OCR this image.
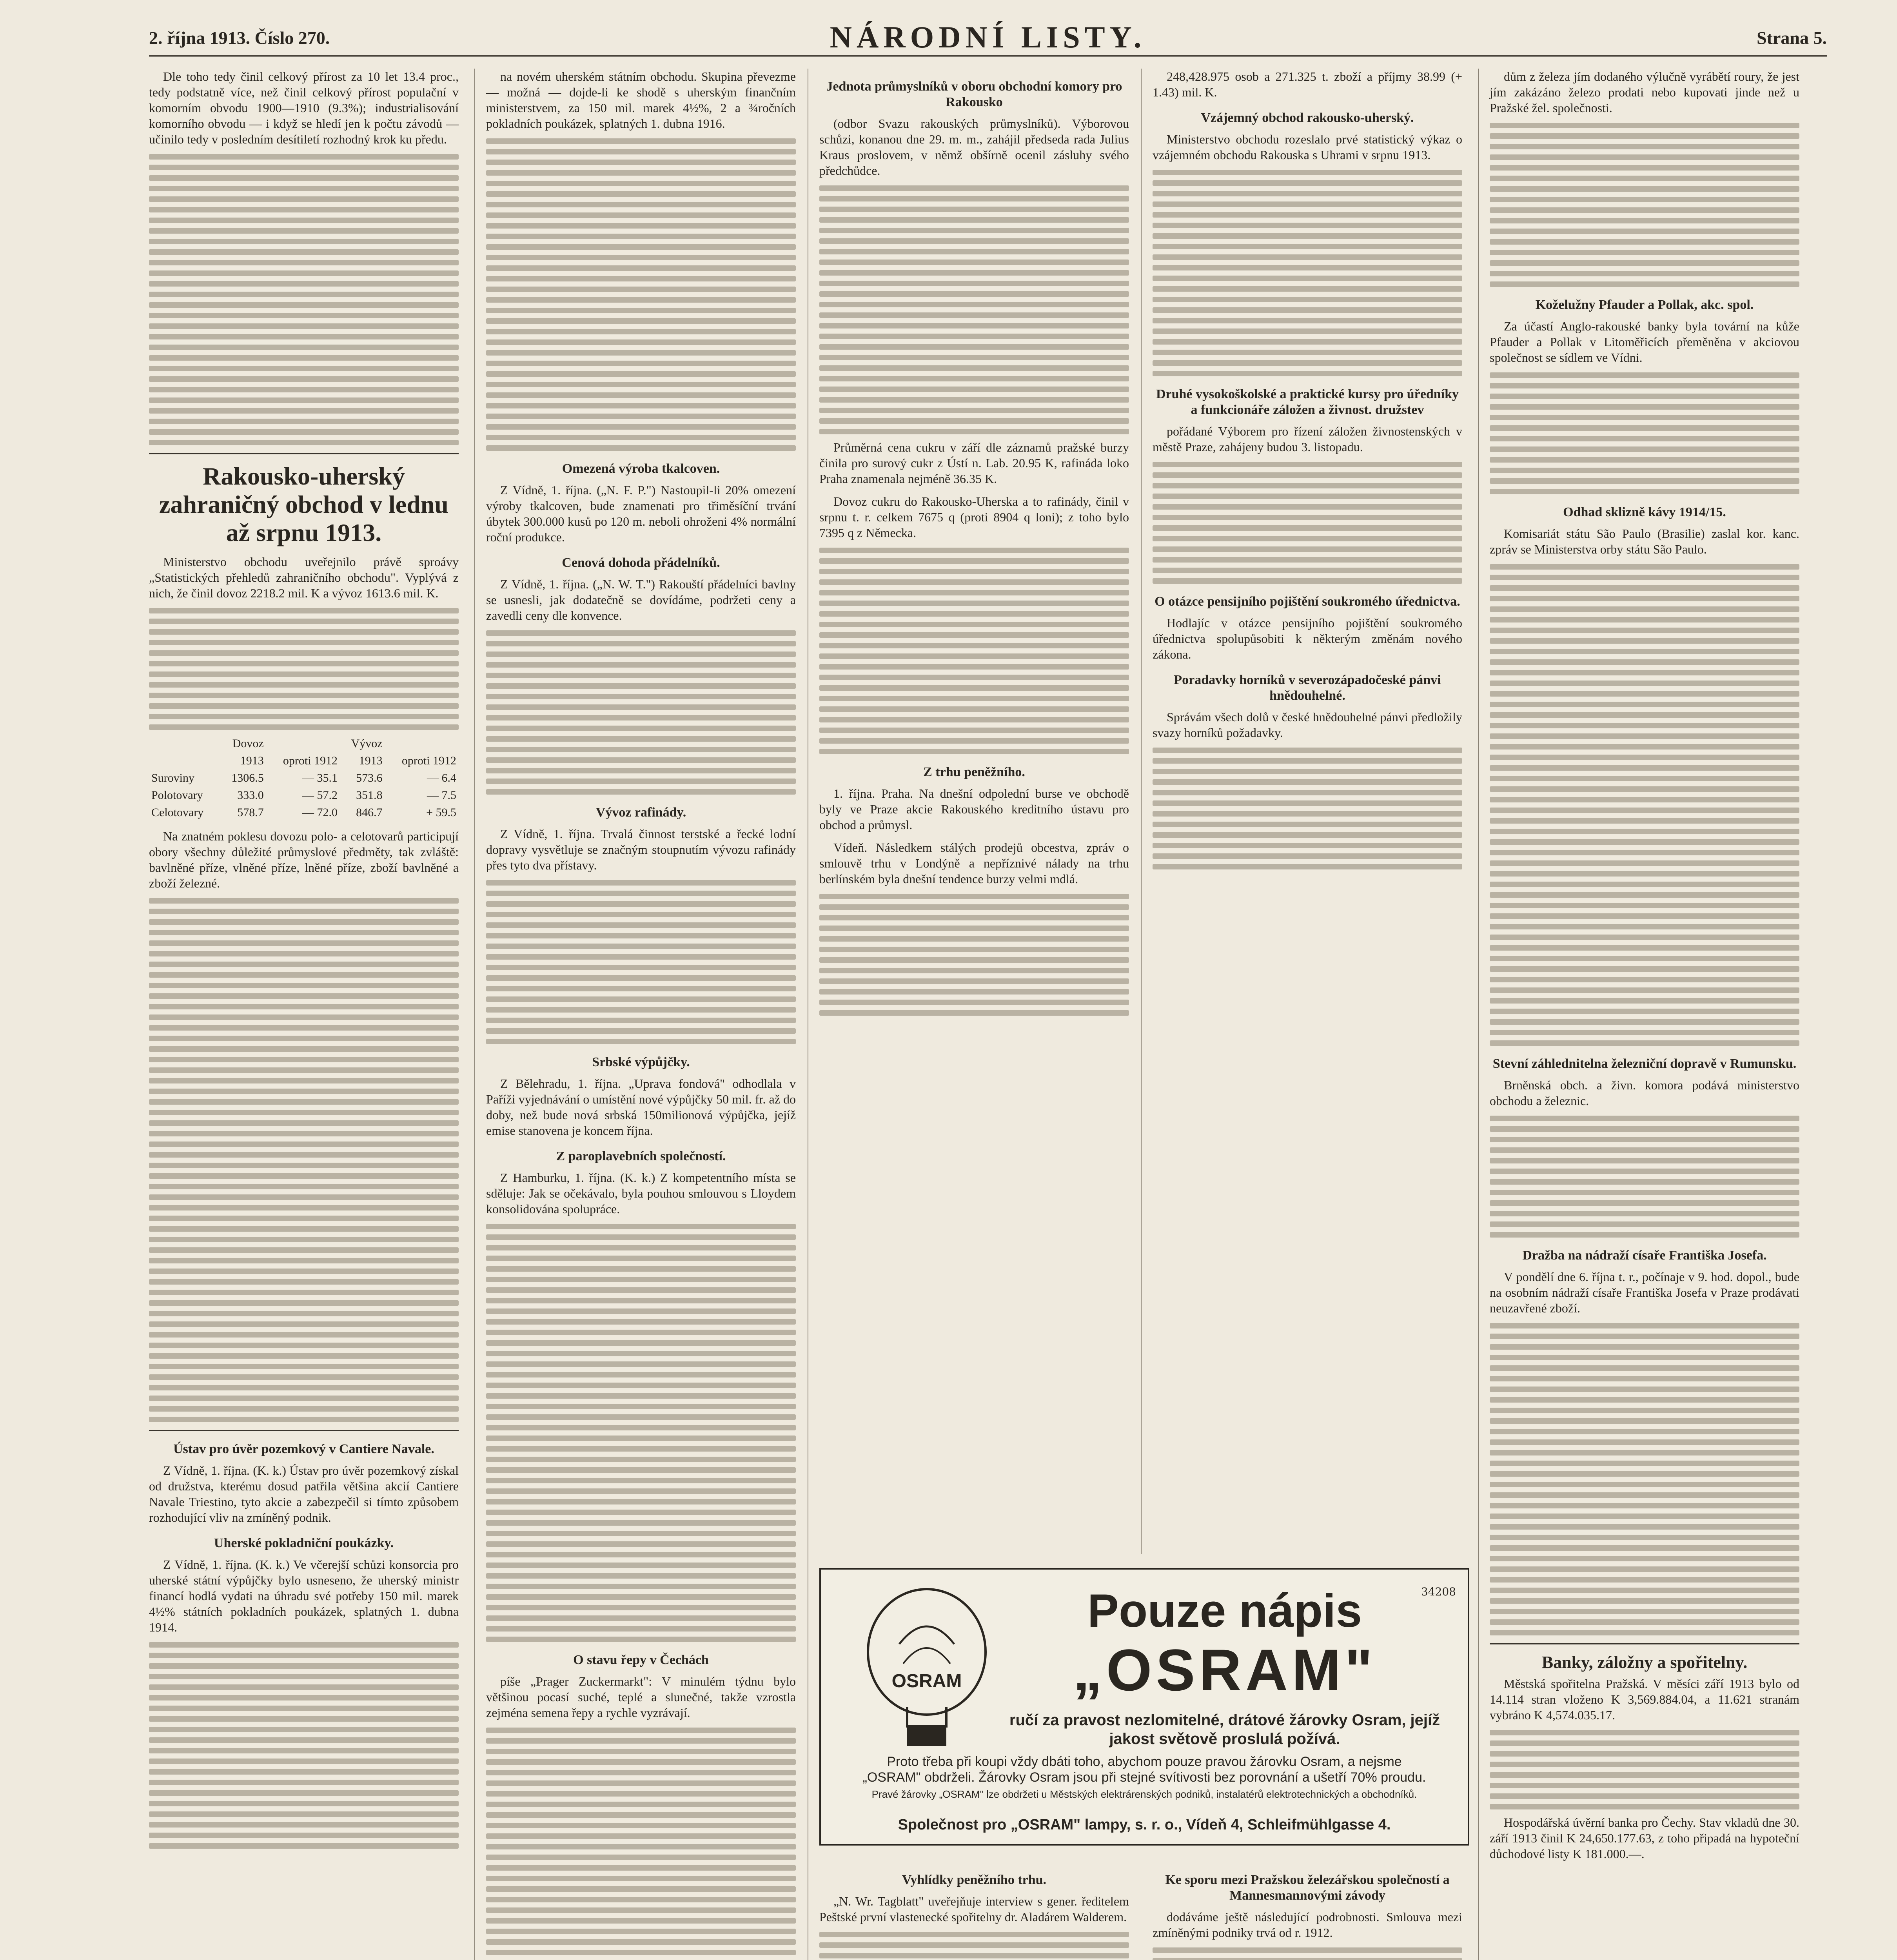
2. října 1913. Číslo 270.	NÁRODNÍ LISTY.	Strana 5.

Dle toho tedy činil celkový přírost za 10 let 13.4 proc., tedy podstatně více, než činil celkový přírost populační v komorním obvodu 1900—1910 (9.3%); industrialisování komorního obvodu — i když se hledí jen k počtu závodů — učinilo tedy v posledním desítiletí rozhodný krok ku předu.

Rakousko-uherský zahraničný obchod v lednu až srpnu 1913.

Ministerstvo obchodu uveřejnilo právě sproávy „Statistických přehledů zahraničního obchodu". Vyplývá z nich, že činil dovoz 2218.2 mil. K a vývoz 1613.6 mil. K.

	Dovoz		Vývoz	
	1913	oproti 1912	1913	oproti 1912
Suroviny	1306.5	— 35.1	573.6	— 6.4
Polotovary	333.0	— 57.2	351.8	— 7.5
Celotovary	578.7	— 72.0	846.7	+ 59.5

Na znatném poklesu dovozu polo- a celotovarů participují obory všechny důležité průmyslové předměty, tak zvláště: bavlněné příze, vlněné příze, lněné příze, zboží bavlněné a zboží železné.

Ústav pro úvěr pozemkový v Cantiere Navale.

Z Vídně, 1. října. (K. k.) Ústav pro úvěr pozemkový získal od družstva, kterému dosud patřila většina akcií Cantiere Navale Triestino, tyto akcie a zabezpečil si tímto způsobem rozhodující vliv na zmíněný podnik.

Uherské pokladniční poukázky.

Z Vídně, 1. října. (K. k.) Ve včerejší schůzi konsorcia pro uherské státní výpůjčky bylo usneseno, že uherský ministr financí hodlá vydati na úhradu své potřeby 150 mil. marek 4½% státních pokladních poukázek, splatných 1. dubna 1914.

na novém uherském státním obchodu. Skupina převezme — možná — dojde-li ke shodě s uherským finančním ministerstvem, za 150 mil. marek 4½%, 2 a ¾ročních pokladních poukázek, splatných 1. dubna 1916.

Omezená výroba tkalcoven.

Z Vídně, 1. října. („N. F. P.") Nastoupil-li 20% omezení výroby tkalcoven, bude znamenati pro třiměsíční trvání úbytek 300.000 kusů po 120 m. neboli ohroženi 4% normální roční produkce.

Cenová dohoda přádelníků.

Z Vídně, 1. října. („N. W. T.") Rakouští přádelníci bavlny se usnesli, jak dodatečně se dovídáme, podržeti ceny a zavedli ceny dle konvence.

Vývoz rafinády.

Z Vídně, 1. října. Trvalá činnost terstské a řecké lodní dopravy vysvětluje se značným stoupnutím vývozu rafinády přes tyto dva přístavy.

Srbské výpůjčky.

Z Bělehradu, 1. října. „Uprava fondová" odhodlala v Paříži vyjednávání o umístění nové výpůjčky 50 mil. fr. až do doby, než bude nová srbská 150milionová výpůjčka, jejíž emise stanovena je koncem října.

Z paroplavebních společností.

Z Hamburku, 1. října. (K. k.) Z kompetentního místa se sděluje: Jak se očekávalo, byla pouhou smlouvou s Lloydem konsolidována spolupráce.

O stavu řepy v Čechách

píše „Prager Zuckermarkt": V minulém týdnu bylo většinou pocasí suché, teplé a slunečné, takže vzrostla zejména semena řepy a rychle vyzrávají.

Jednota průmyslníků v oboru obchodní komory pro Rakousko

(odbor Svazu rakouských průmyslníků). Výborovou schůzi, konanou dne 29. m. m., zahájil předseda rada Julius Kraus proslovem, v němž obšírně ocenil zásluhy svého předchůdce.

Průměrná cena cukru v září dle záznamů pražské burzy činila pro surový cukr z Ústí n. Lab. 20.95 K, rafináda loko Praha znamenala nejméně 36.35 K.

Dovoz cukru do Rakousko-Uherska a to rafinády, činil v srpnu t. r. celkem 7675 q (proti 8904 q loni); z toho bylo 7395 q z Německa.

Z trhu peněžního.

1. října. Praha. Na dnešní odpolední burse ve obchodě byly ve Praze akcie Rakouského kreditního ústavu pro obchod a průmysl.

Vídeň. Následkem stálých prodejů obcestva, zpráv o smlouvě trhu v Londýně a nepříznivé nálady na trhu berlínském byla dnešní tendence burzy velmi mdlá.

248,428.975 osob a 271.325 t. zboží a příjmy 38.99 (+ 1.43) mil. K.

Vzájemný obchod rakousko-uherský.

Ministerstvo obchodu rozeslalo prvé statistický výkaz o vzájemném obchodu Rakouska s Uhrami v srpnu 1913.

Druhé vysokoškolské a praktické kursy pro úředníky a funkcionáře záložen a živnost. družstev

pořádané Výborem pro řízení záložen živnostenských v městě Praze, zahájeny budou 3. listopadu.

O otázce pensijního pojištění soukromého úřednictva.

Hodlajíc v otázce pensijního pojištění soukromého úřednictva spolupůsobiti k některým změnám nového zákona.

Poradavky horníků v severozápadočeské pánvi hnědouhelné.

Správám všech dolů v české hnědouhelné pánvi předložily svazy horníků požadavky.

dům z železa jím dodaného výlučně vyrábětí roury, že jest jím zakázáno železo prodati nebo kupovati jinde než u Pražské žel. společnosti.

Koželužny Pfauder a Pollak, akc. spol.

Za účastí Anglo-rakouské banky byla tovární na kůže Pfauder a Pollak v Litoměřicích přeměněna v akciovou společnost se sídlem ve Vídni.

Odhad sklizně kávy 1914/15.

Komisariát státu São Paulo (Brasilie) zaslal kor. kanc. zpráv se Ministerstva orby státu São Paulo.

Stevní záhlednitelna železniční dopravě v Rumunsku.

Brněnská obch. a živn. komora podává ministerstvo obchodu a železnic.

Dražba na nádraží císaře Františka Josefa.

V pondělí dne 6. října t. r., počínaje v 9. hod. dopol., bude na osobním nádraží císaře Františka Josefa v Praze prodávati neuzavřené zboží.

Banky, záložny a spořitelny.

Městská spořitelna Pražská. V měsíci září 1913 bylo od 14.114 stran vloženo K 3,569.884.04, a 11.621 stranám vybráno K 4,574.035.17.

Hospodářská úvěrní banka pro Čechy. Stav vkladů dne 30. září 1913 činil K 24,650.177.63, z toho připadá na hypoteční důchodové listy K 181.000.—.

Vyhlídky peněžního trhu.

„N. Wr. Tagblatt" uveřejňuje interview s gener. ředitelem Peštské první vlastenecké spořitelny dr. Aladárem Walderem.

Ke sporu mezi Pražskou železářskou společností a Mannesmannovými závody

dodáváme ještě následující podrobnosti. Smlouva mezi zmíněnými podniky trvá od r. 1912.

OSRAM
34208
Pouze nápis
„OSRAM"
ručí za pravost nezlomitelné, drátové žárovky Osram, jejíž jakost světově proslulá požívá.
Proto třeba při koupi vždy dbáti toho, abychom pouze pravou žárovku Osram, a nejsme „OSRAM" obdrželi. Žárovky Osram jsou při stejné svítivosti bez porovnání a ušetří 70% proudu.
Pravé žárovky „OSRAM" lze obdržeti u Městských elektrárenských podniků, instalatérů elektrotechnických a obchodníků.
Společnost pro „OSRAM" lampy, s. r. o., Vídeň 4, Schleifmühlgasse 4.
